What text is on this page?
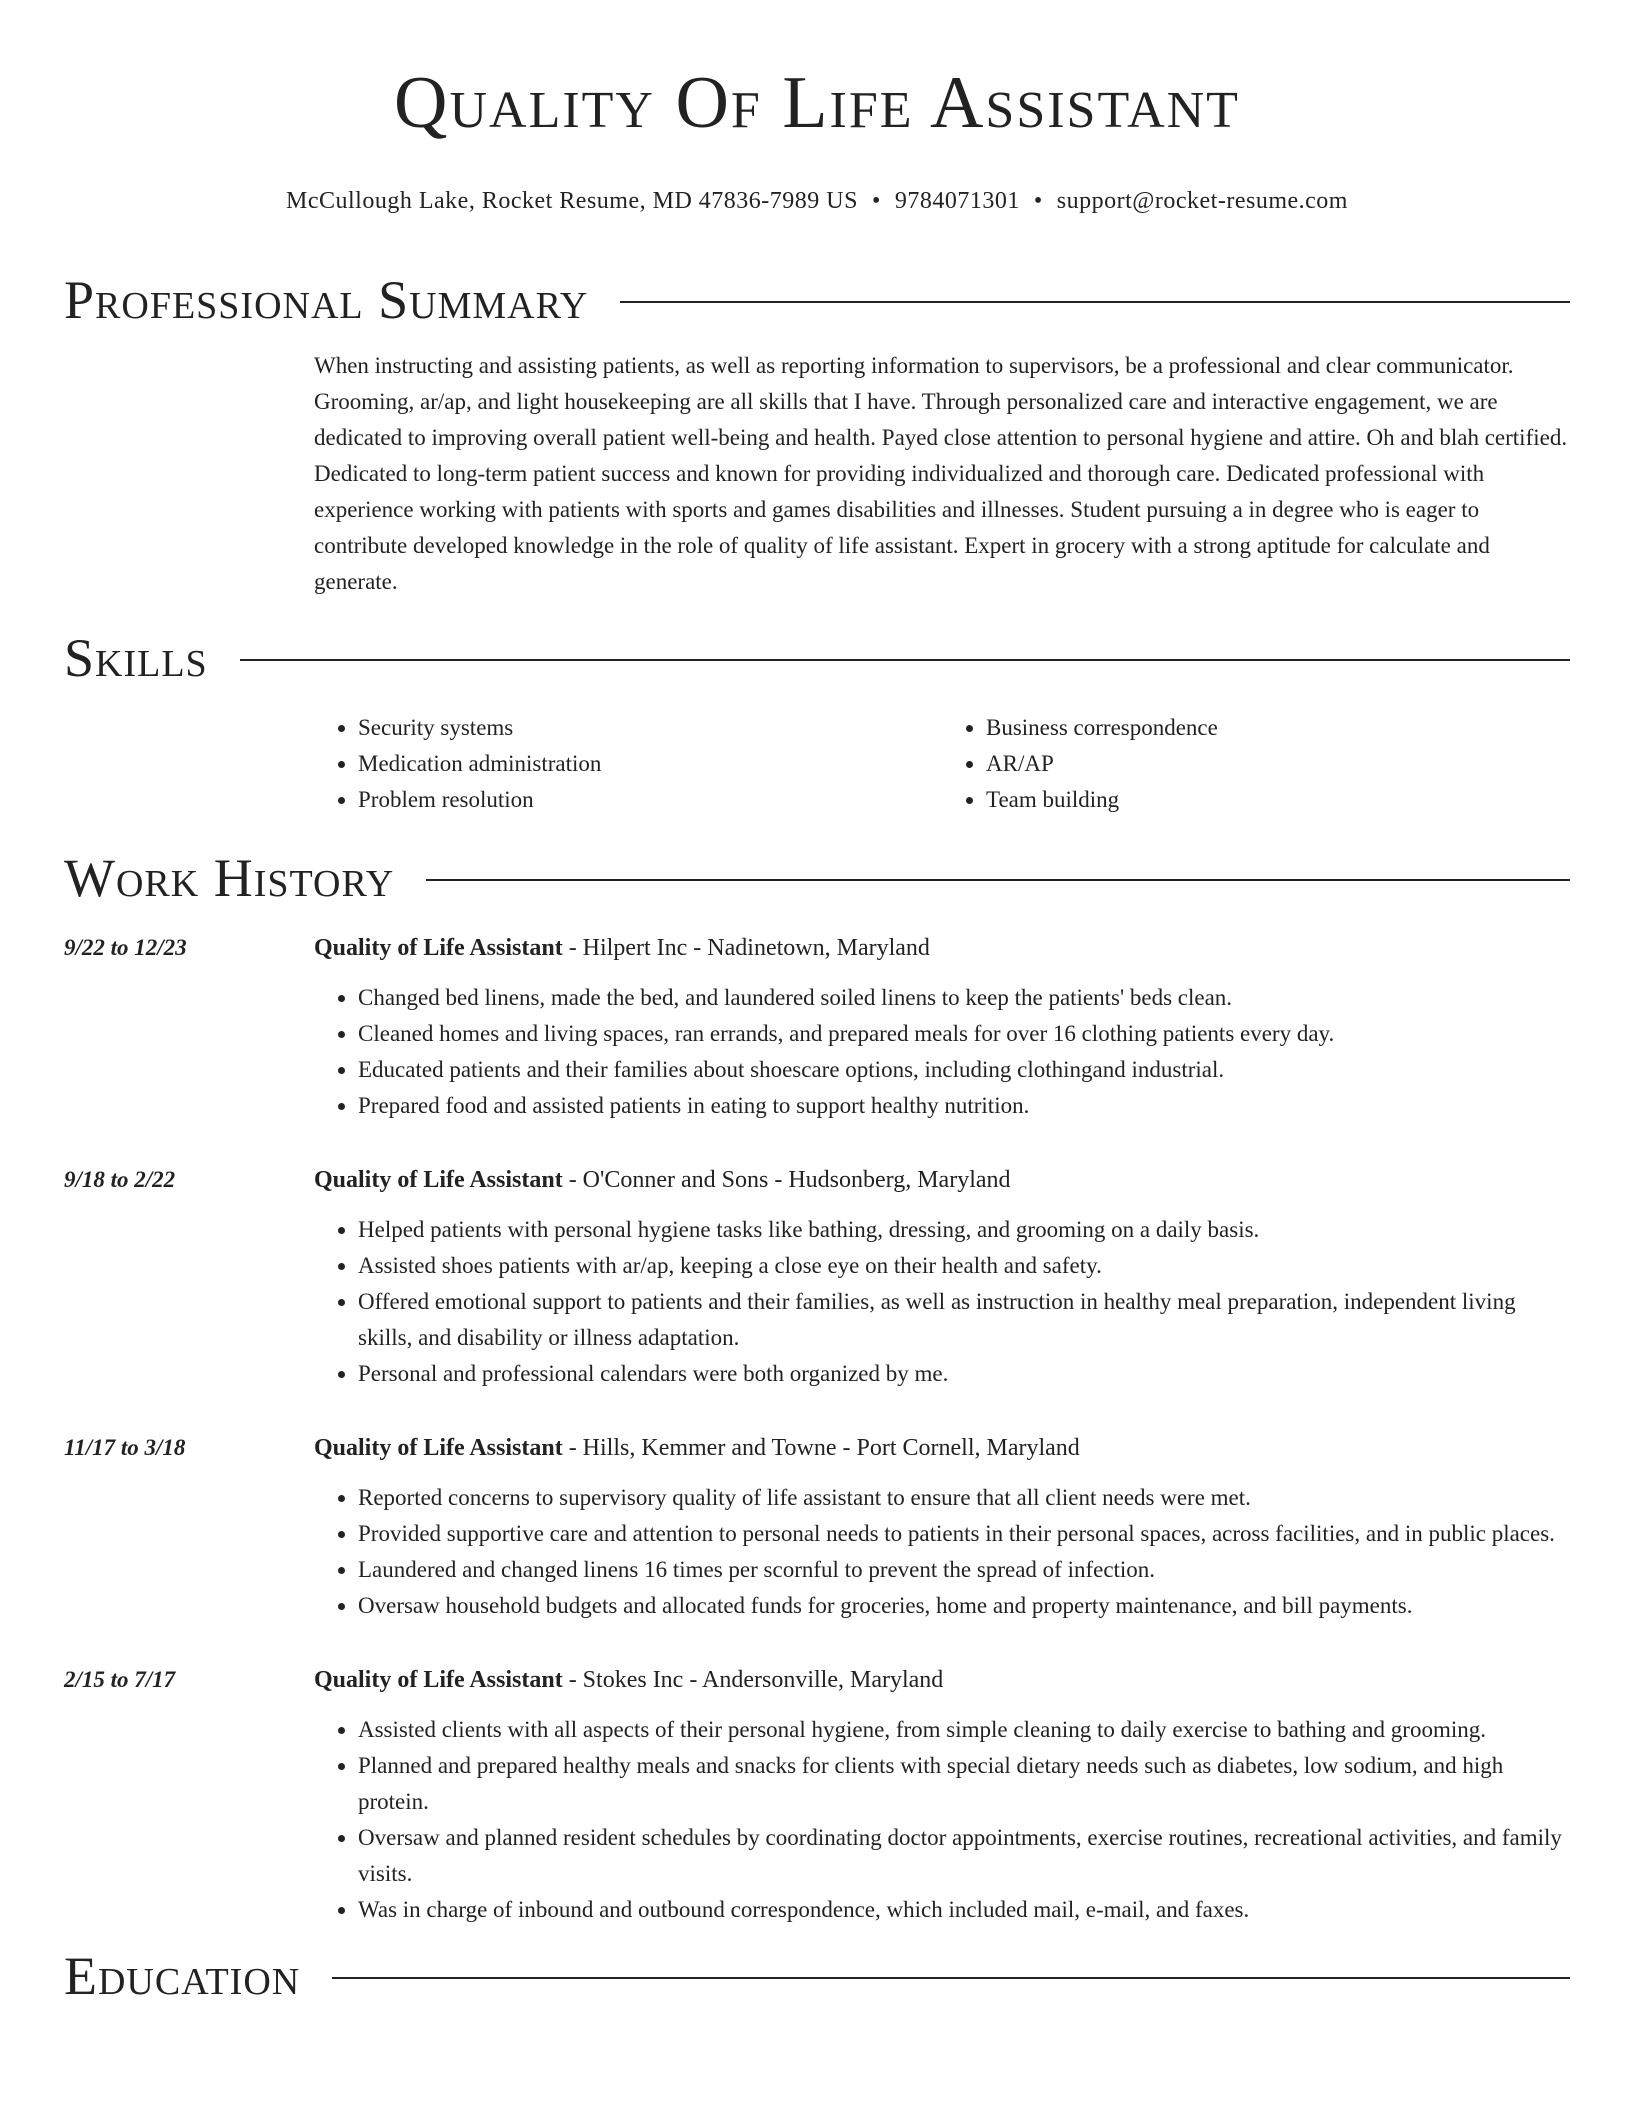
Quality Of Life Assistant
McCullough Lake, Rocket Resume, MD 47836-7989 US • 9784071301 • support@rocket-resume.com
Professional Summary
When instructing and assisting patients, as well as reporting information to supervisors, be a professional and clear communicator. Grooming, ar/ap, and light housekeeping are all skills that I have. Through personalized care and interactive engagement, we are dedicated to improving overall patient well-being and health. Payed close attention to personal hygiene and attire. Oh and blah certified. Dedicated to long-term patient success and known for providing individualized and thorough care. Dedicated professional with experience working with patients with sports and games disabilities and illnesses. Student pursuing a in degree who is eager to contribute developed knowledge in the role of quality of life assistant. Expert in grocery with a strong aptitude for calculate and generate.
Skills
• Security systems
• Medication administration
• Problem resolution
• Business correspondence
• AR/AP
• Team building
Work History
9/22 to 12/23	Quality of Life Assistant - Hilpert Inc - Nadinetown, Maryland
• Changed bed linens, made the bed, and laundered soiled linens to keep the patients' beds clean.
• Cleaned homes and living spaces, ran errands, and prepared meals for over 16 clothing patients every day.
• Educated patients and their families about shoescare options, including clothingand industrial.
• Prepared food and assisted patients in eating to support healthy nutrition.
9/18 to 2/22	Quality of Life Assistant - O'Conner and Sons - Hudsonberg, Maryland
• Helped patients with personal hygiene tasks like bathing, dressing, and grooming on a daily basis.
• Assisted shoes patients with ar/ap, keeping a close eye on their health and safety.
• Offered emotional support to patients and their families, as well as instruction in healthy meal preparation, independent living skills, and disability or illness adaptation.
• Personal and professional calendars were both organized by me.
11/17 to 3/18	Quality of Life Assistant - Hills, Kemmer and Towne - Port Cornell, Maryland
• Reported concerns to supervisory quality of life assistant to ensure that all client needs were met.
• Provided supportive care and attention to personal needs to patients in their personal spaces, across facilities, and in public places.
• Laundered and changed linens 16 times per scornful to prevent the spread of infection.
• Oversaw household budgets and allocated funds for groceries, home and property maintenance, and bill payments.
2/15 to 7/17	Quality of Life Assistant - Stokes Inc - Andersonville, Maryland
• Assisted clients with all aspects of their personal hygiene, from simple cleaning to daily exercise to bathing and grooming.
• Planned and prepared healthy meals and snacks for clients with special dietary needs such as diabetes, low sodium, and high protein.
• Oversaw and planned resident schedules by coordinating doctor appointments, exercise routines, recreational activities, and family visits.
• Was in charge of inbound and outbound correspondence, which included mail, e-mail, and faxes.
Education
